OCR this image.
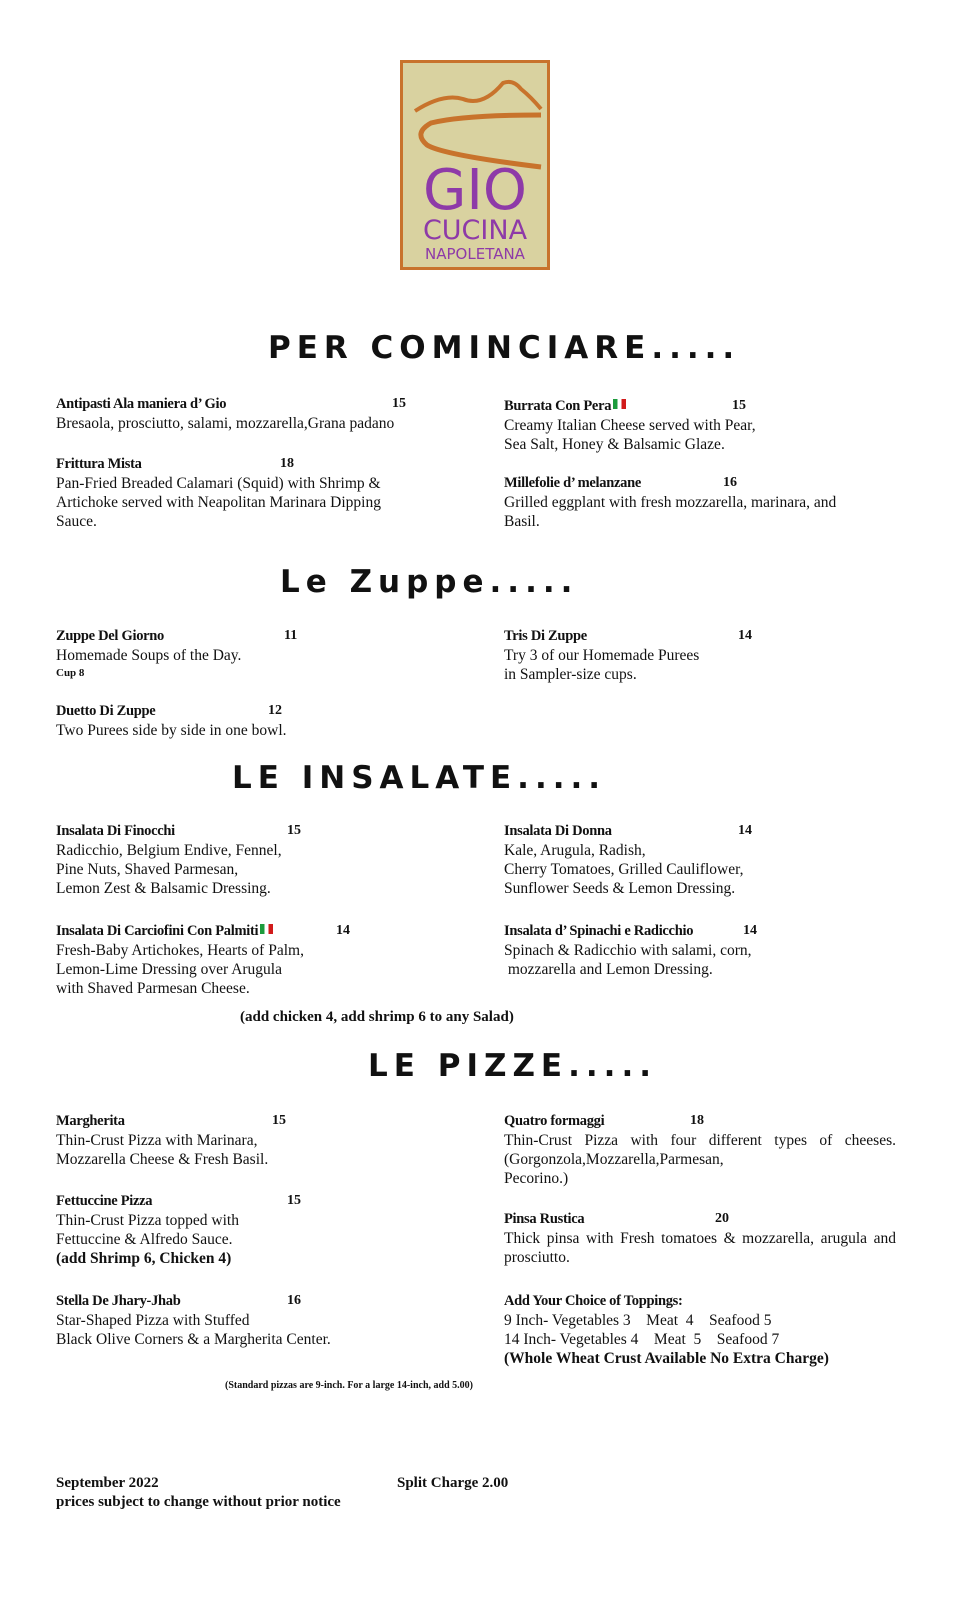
GIO
CUCINA
NAPOLETANA
PER COMINCIARE.....
Le Zuppe.....
LE INSALATE.....
(add chicken 4, add shrimp 6 to any Salad)
LE PIZZE.....
(Standard pizzas are 9-inch. For a large 14-inch, add 5.00)
Antipasti Ala maniera d’ Gio	15
Bresaola, prosciutto, salami, mozzarella,Grana padano
Frittura Mista	18
Pan-Fried Breaded Calamari (Squid) with Shrimp &
Artichoke served with Neapolitan Marinara Dipping
Sauce.
Burrata Con Pera	15
Creamy Italian Cheese served with Pear,
Sea Salt, Honey & Balsamic Glaze.
Millefolie d’ melanzane	16
Grilled eggplant with fresh mozzarella, marinara, and
Basil.
Zuppe Del Giorno	11
Homemade Soups of the Day.
Cup 8
Duetto Di Zuppe	12
Two Purees side by side in one bowl.
Tris Di Zuppe	14
Try 3 of our Homemade Purees
in Sampler-size cups.
Insalata Di Finocchi	15
Radicchio, Belgium Endive, Fennel,
Pine Nuts, Shaved Parmesan,
Lemon Zest & Balsamic Dressing.
Insalata Di Carciofini Con Palmiti	14
Fresh-Baby Artichokes, Hearts of Palm,
Lemon-Lime Dressing over Arugula
with Shaved Parmesan Cheese.
Insalata Di Donna	14
Kale, Arugula, Radish,
Cherry Tomatoes, Grilled Cauliflower,
Sunflower Seeds & Lemon Dressing.
Insalata d’ Spinachi e Radicchio	14
Spinach & Radicchio with salami, corn,
mozzarella and Lemon Dressing.
Margherita	15
Thin-Crust Pizza with Marinara,
Mozzarella Cheese & Fresh Basil.
Fettuccine Pizza	15
Thin-Crust Pizza topped with
Fettuccine & Alfredo Sauce.
(add Shrimp 6, Chicken 4)
Stella De Jhary-Jhab	16
Star-Shaped Pizza with Stuffed
Black Olive Corners & a Margherita Center.
Quatro formaggi	18
Thin-Crust Pizza with four different types of cheeses.(Gorgonzola,Mozzarella,Parmesan,
Pecorino.)
Pinsa Rustica	20
Thick pinsa with Fresh tomatoes & mozzarella, arugula and prosciutto.
Add Your Choice of Toppings:
9 Inch- Vegetables 3    Meat  4    Seafood 5
14 Inch- Vegetables 4    Meat  5    Seafood 7
(Whole Wheat Crust Available No Extra Charge)
September 2022	Split Charge 2.00
prices subject to change without prior notice
